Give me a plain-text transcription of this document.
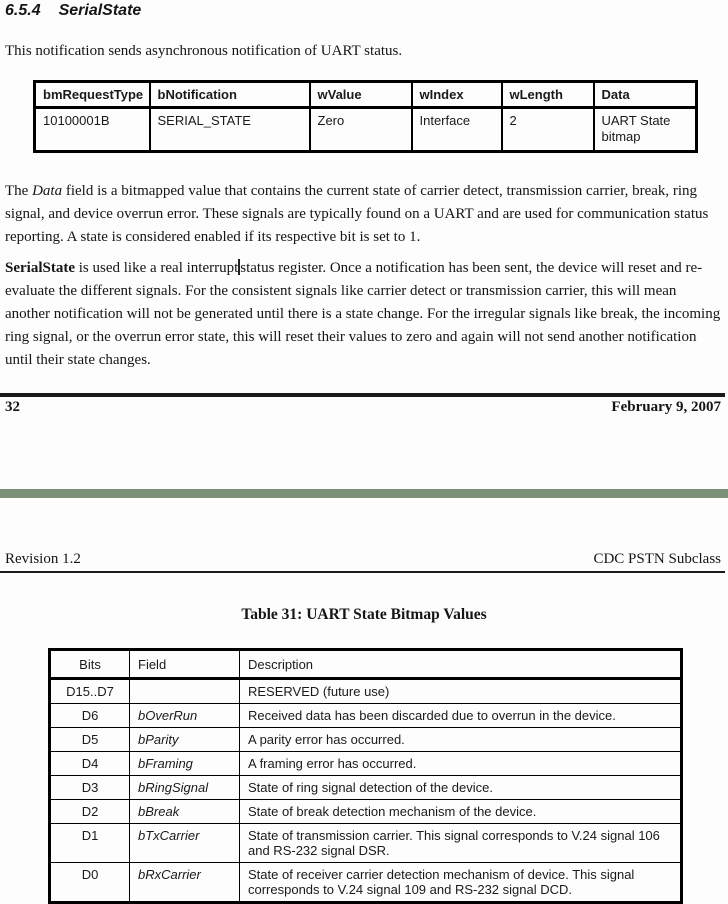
6.5.4 SerialState
This notification sends asynchronous notification of UART status.
bmRequestType	bNotification	wValue	wIndex	wLength	Data
10100001B	SERIAL_STATE	Zero	Interface	2	UART State bitmap
The Data field is a bitmapped value that contains the current state of carrier detect, transmission carrier, break, ring signal, and device overrun error. These signals are typically found on a UART and are used for communication status reporting. A state is considered enabled if its respective bit is set to 1.
SerialState is used like a real interrupt status register. Once a notification has been sent, the device will reset and re-evaluate the different signals. For the consistent signals like carrier detect or transmission carrier, this will mean another notification will not be generated until there is a state change. For the irregular signals like break, the incoming ring signal, or the overrun error state, this will reset their values to zero and again will not send another notification until their state changes.
32	February 9, 2007
Revision 1.2	CDC PSTN Subclass
Table 31: UART State Bitmap Values
Bits	Field	Description
D15..D7		RESERVED (future use)
D6	bOverRun	Received data has been discarded due to overrun in the device.
D5	bParity	A parity error has occurred.
D4	bFraming	A framing error has occurred.
D3	bRingSignal	State of ring signal detection of the device.
D2	bBreak	State of break detection mechanism of the device.
D1	bTxCarrier	State of transmission carrier. This signal corresponds to V.24 signal 106 and RS-232 signal DSR.
D0	bRxCarrier	State of receiver carrier detection mechanism of device. This signal corresponds to V.24 signal 109 and RS-232 signal DCD.
